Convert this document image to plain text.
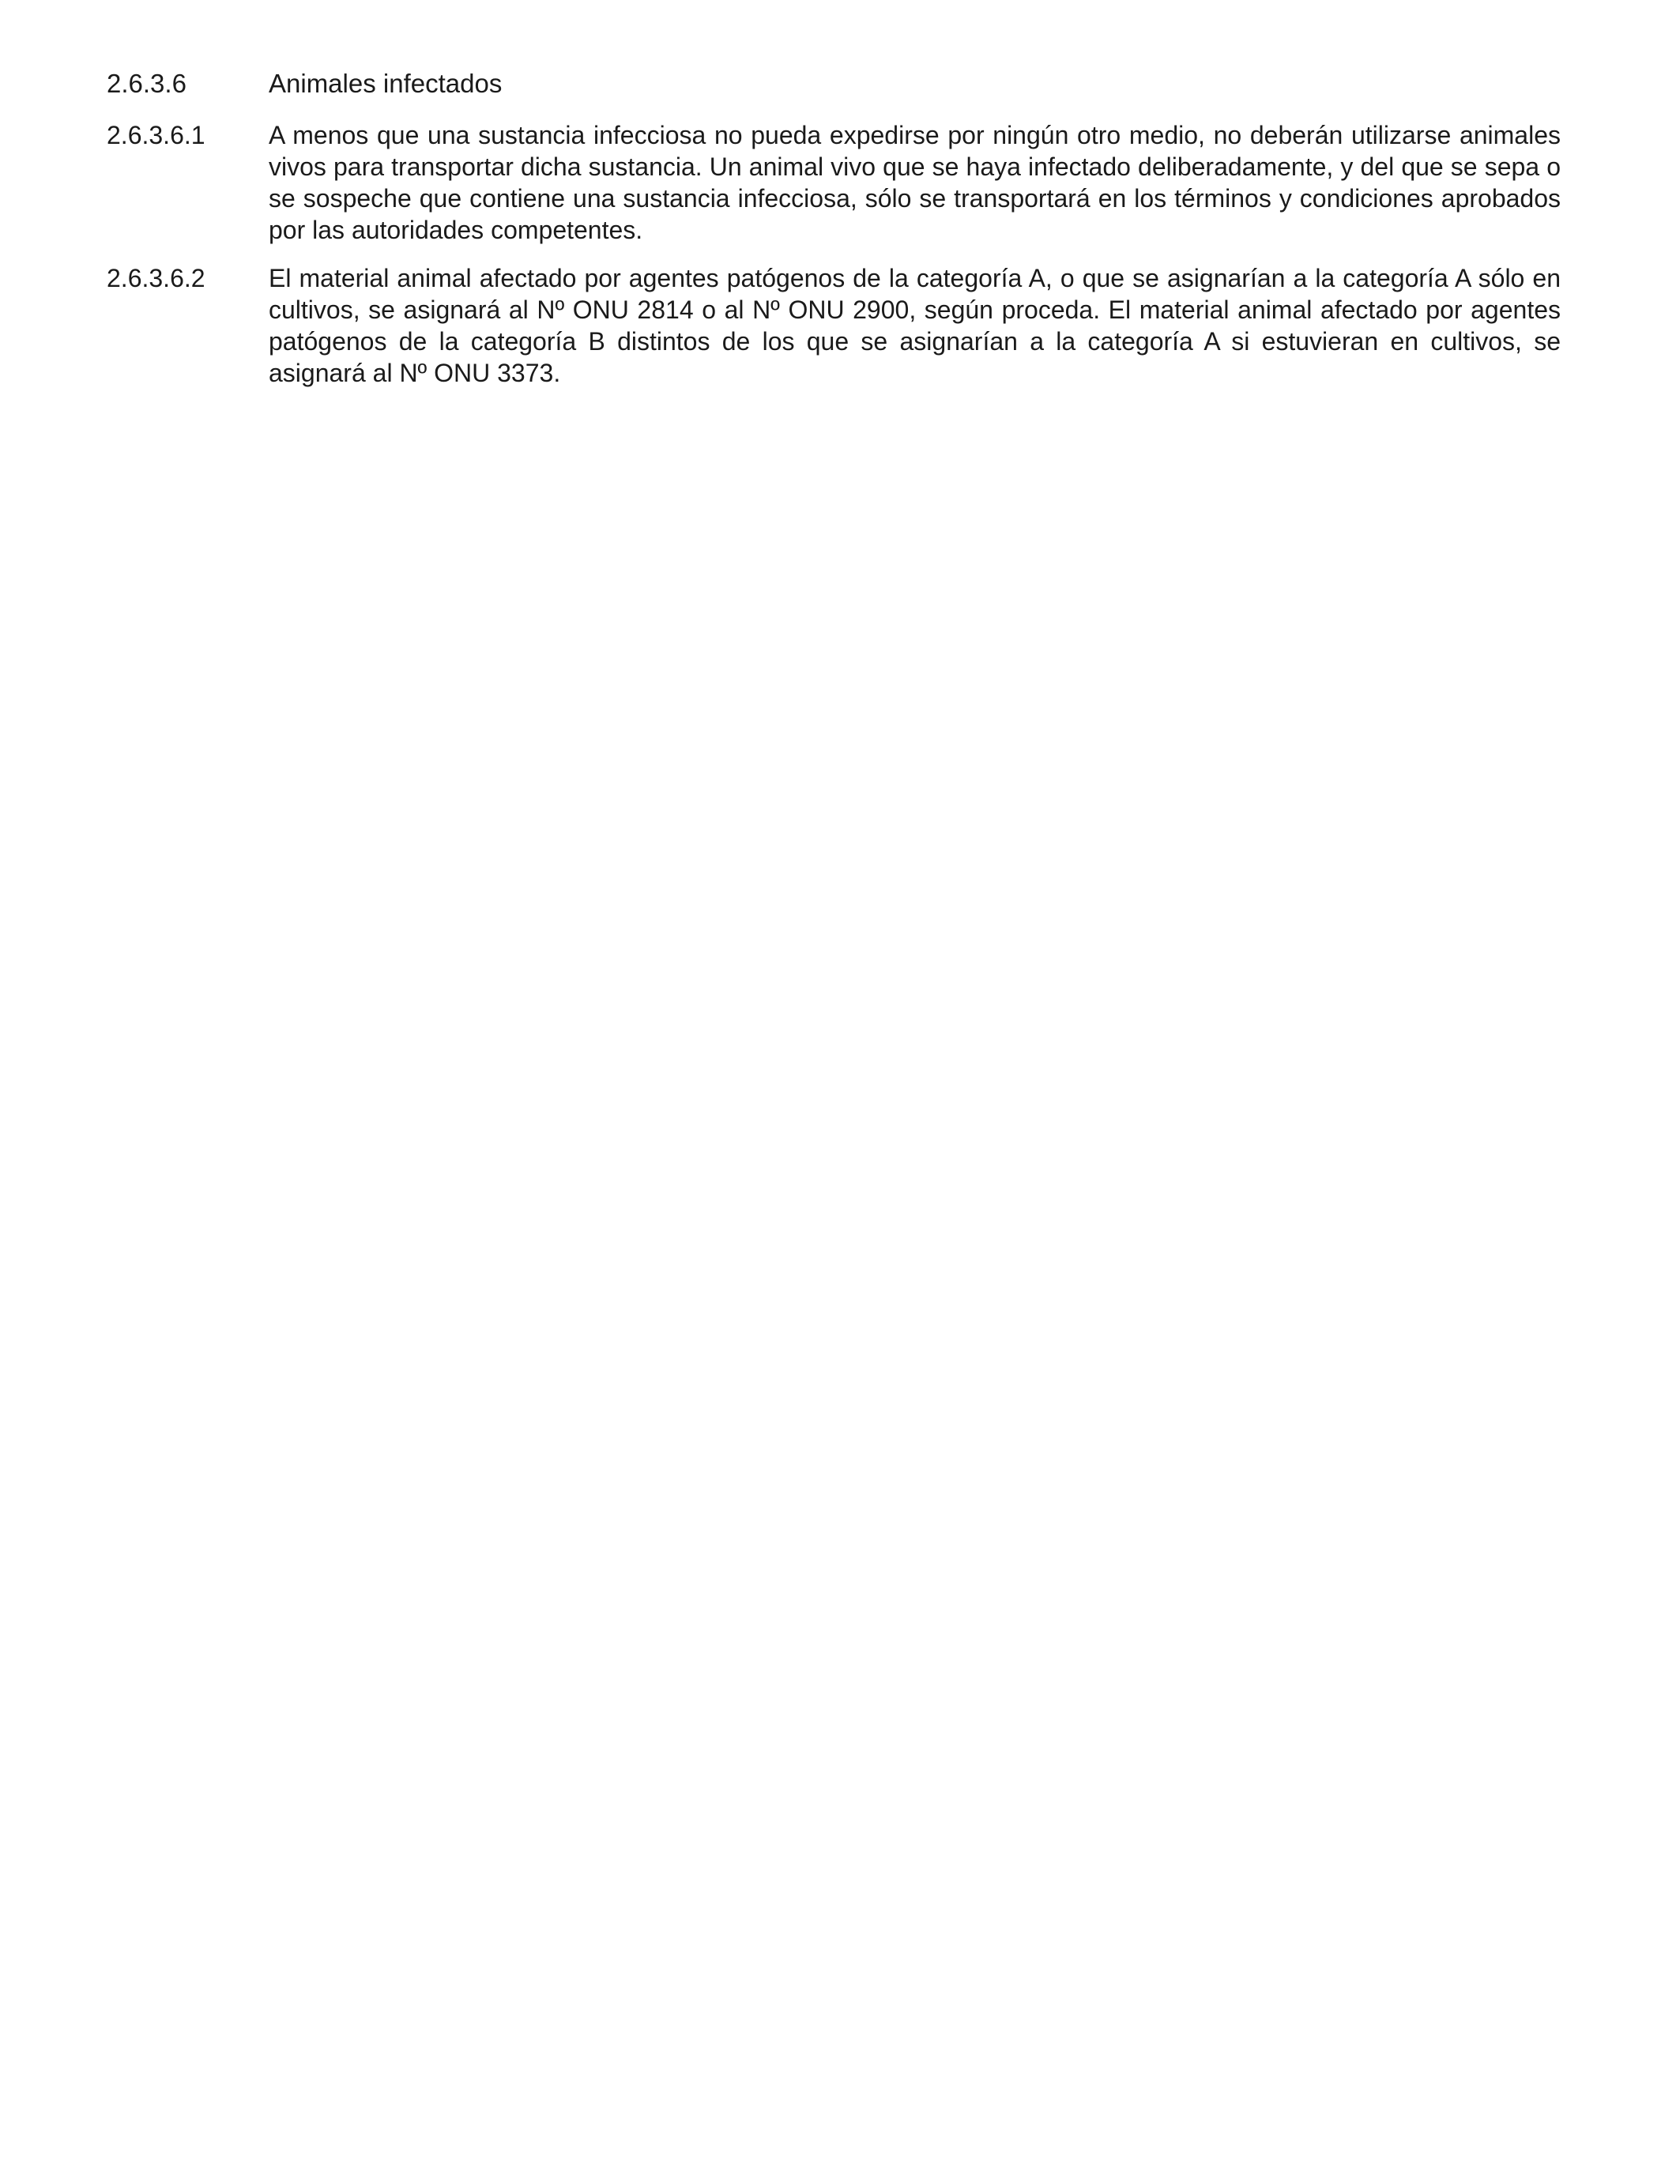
2.6.3.6	Animales infectados
2.6.3.6.1	A menos que una sustancia infecciosa no pueda expedirse por ningún otro medio, no deberán utilizarse animales vivos para transportar dicha sustancia. Un animal vivo que se haya infectado deliberadamente, y del que se sepa o se sospeche que contiene una sustancia infecciosa, sólo se transportará en los términos y condiciones aprobados por las autoridades competentes.
2.6.3.6.2	El material animal afectado por agentes patógenos de la categoría A, o que se asignarían a la categoría A sólo en cultivos, se asignará al Nº ONU 2814 o al Nº ONU 2900, según proceda. El material animal afectado por agentes patógenos de la categoría B distintos de los que se asignarían a la categoría A si estuvieran en cultivos, se asignará al Nº ONU 3373.
